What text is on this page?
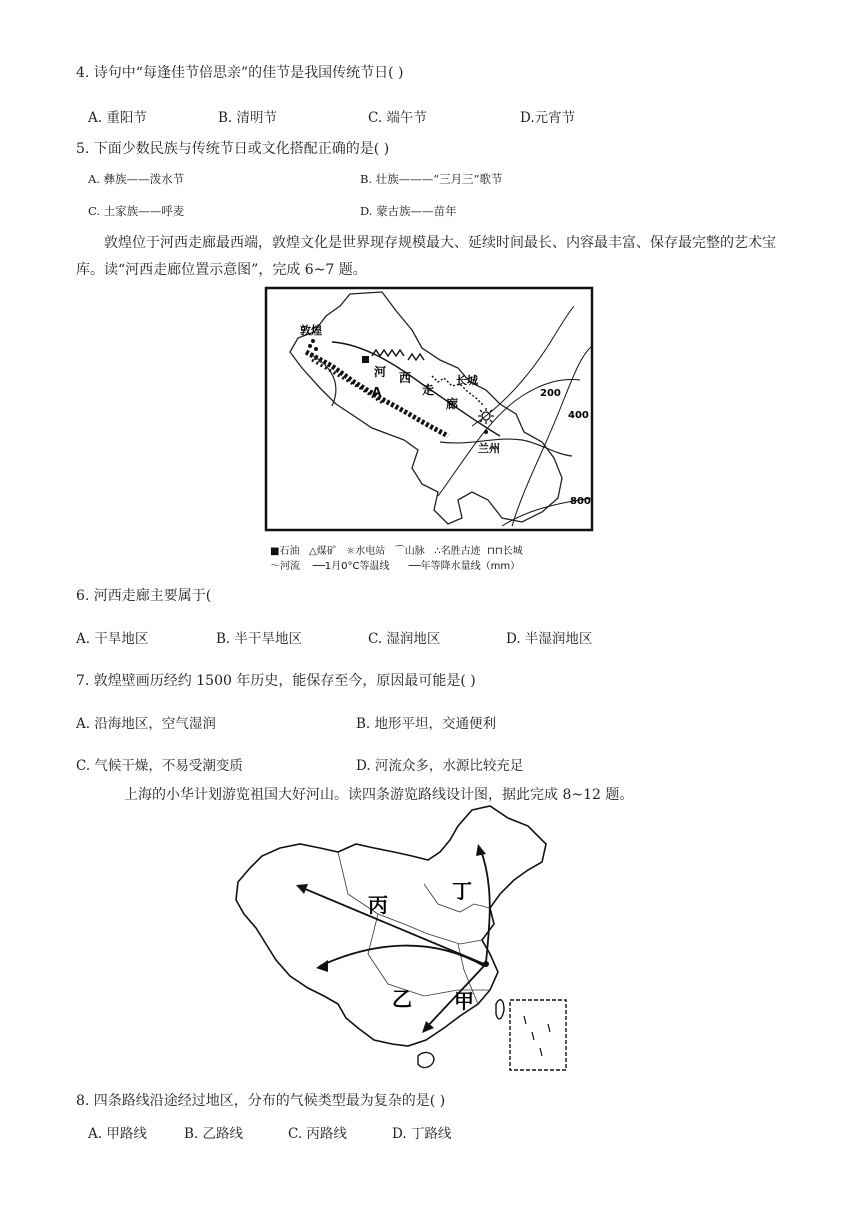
4. 诗句中“每逢佳节倍思亲”的佳节是我国传统节日( )
A. 重阳节	B. 清明节	C. 端午节	D.元宵节
5. 下面少数民族与传统节日或文化搭配正确的是( )
A. 彝族——泼水节	B. 壮族———“三月三”歌节
C. 土家族——呼麦	D. 蒙古族——苗年
敦煌位于河西走廊最西端，敦煌文化是世界现存规模最大、延续时间最长、内容最丰富、保存最完整的艺术宝库。读“河西走廊位置示意图”，完成 6~7 题。
敦煌
河 西
走
廊
A
长城
兰州
200
400
800
■石油 △煤矿 ☼水电站 ⌒山脉 ∴名胜古迹 ⊓⊓长城
～河流 ──1月0°C等温线 ──年等降水量线（mm）
6. 河西走廊主要属于(
A. 干旱地区	B. 半干旱地区	C. 湿润地区	D. 半湿润地区
7. 敦煌壁画历经约 1500 年历史，能保存至今，原因最可能是( )
A. 沿海地区，空气湿润	B. 地形平坦，交通便利
C. 气候干燥，不易受潮变质	D. 河流众多，水源比较充足
上海的小华计划游览祖国大好河山。读四条游览路线设计图，据此完成 8~12 题。
丙
丁
乙 甲
8. 四条路线沿途经过地区，分布的气候类型最为复杂的是( )
A. 甲路线	B. 乙路线	C. 丙路线	D. 丁路线
